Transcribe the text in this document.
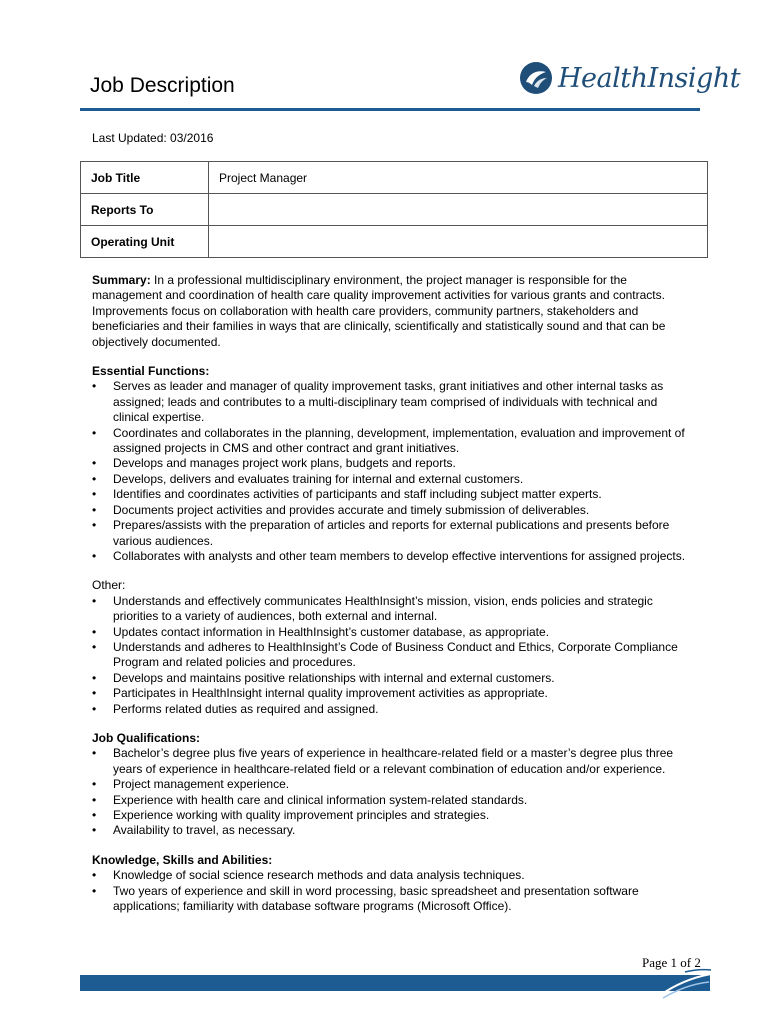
Job Description	HealthInsight
Last Updated: 03/2016
Job Title	Project Manager
Reports To	
Operating Unit	

Summary: In a professional multidisciplinary environment, the project manager is responsible for the management and coordination of health care quality improvement activities for various grants and contracts. Improvements focus on collaboration with health care providers, community partners, stakeholders and beneficiaries and their families in ways that are clinically, scientifically and statistically sound and that can be objectively documented.

Essential Functions:
• Serves as leader and manager of quality improvement tasks, grant initiatives and other internal tasks as assigned; leads and contributes to a multi-disciplinary team comprised of individuals with technical and clinical expertise.
• Coordinates and collaborates in the planning, development, implementation, evaluation and improvement of assigned projects in CMS and other contract and grant initiatives.
• Develops and manages project work plans, budgets and reports.
• Develops, delivers and evaluates training for internal and external customers.
• Identifies and coordinates activities of participants and staff including subject matter experts.
• Documents project activities and provides accurate and timely submission of deliverables.
• Prepares/assists with the preparation of articles and reports for external publications and presents before various audiences.
• Collaborates with analysts and other team members to develop effective interventions for assigned projects.
Other:
• Understands and effectively communicates HealthInsight’s mission, vision, ends policies and strategic priorities to a variety of audiences, both external and internal.
• Updates contact information in HealthInsight’s customer database, as appropriate.
• Understands and adheres to HealthInsight’s Code of Business Conduct and Ethics, Corporate Compliance Program and related policies and procedures.
• Develops and maintains positive relationships with internal and external customers.
• Participates in HealthInsight internal quality improvement activities as appropriate.
• Performs related duties as required and assigned.
Job Qualifications:
• Bachelor’s degree plus five years of experience in healthcare-related field or a master’s degree plus three years of experience in healthcare-related field or a relevant combination of education and/or experience.
• Project management experience.
• Experience with health care and clinical information system-related standards.
• Experience working with quality improvement principles and strategies.
• Availability to travel, as necessary.
Knowledge, Skills and Abilities:
• Knowledge of social science research methods and data analysis techniques.
• Two years of experience and skill in word processing, basic spreadsheet and presentation software applications; familiarity with database software programs (Microsoft Office).
Page 1 of 2
